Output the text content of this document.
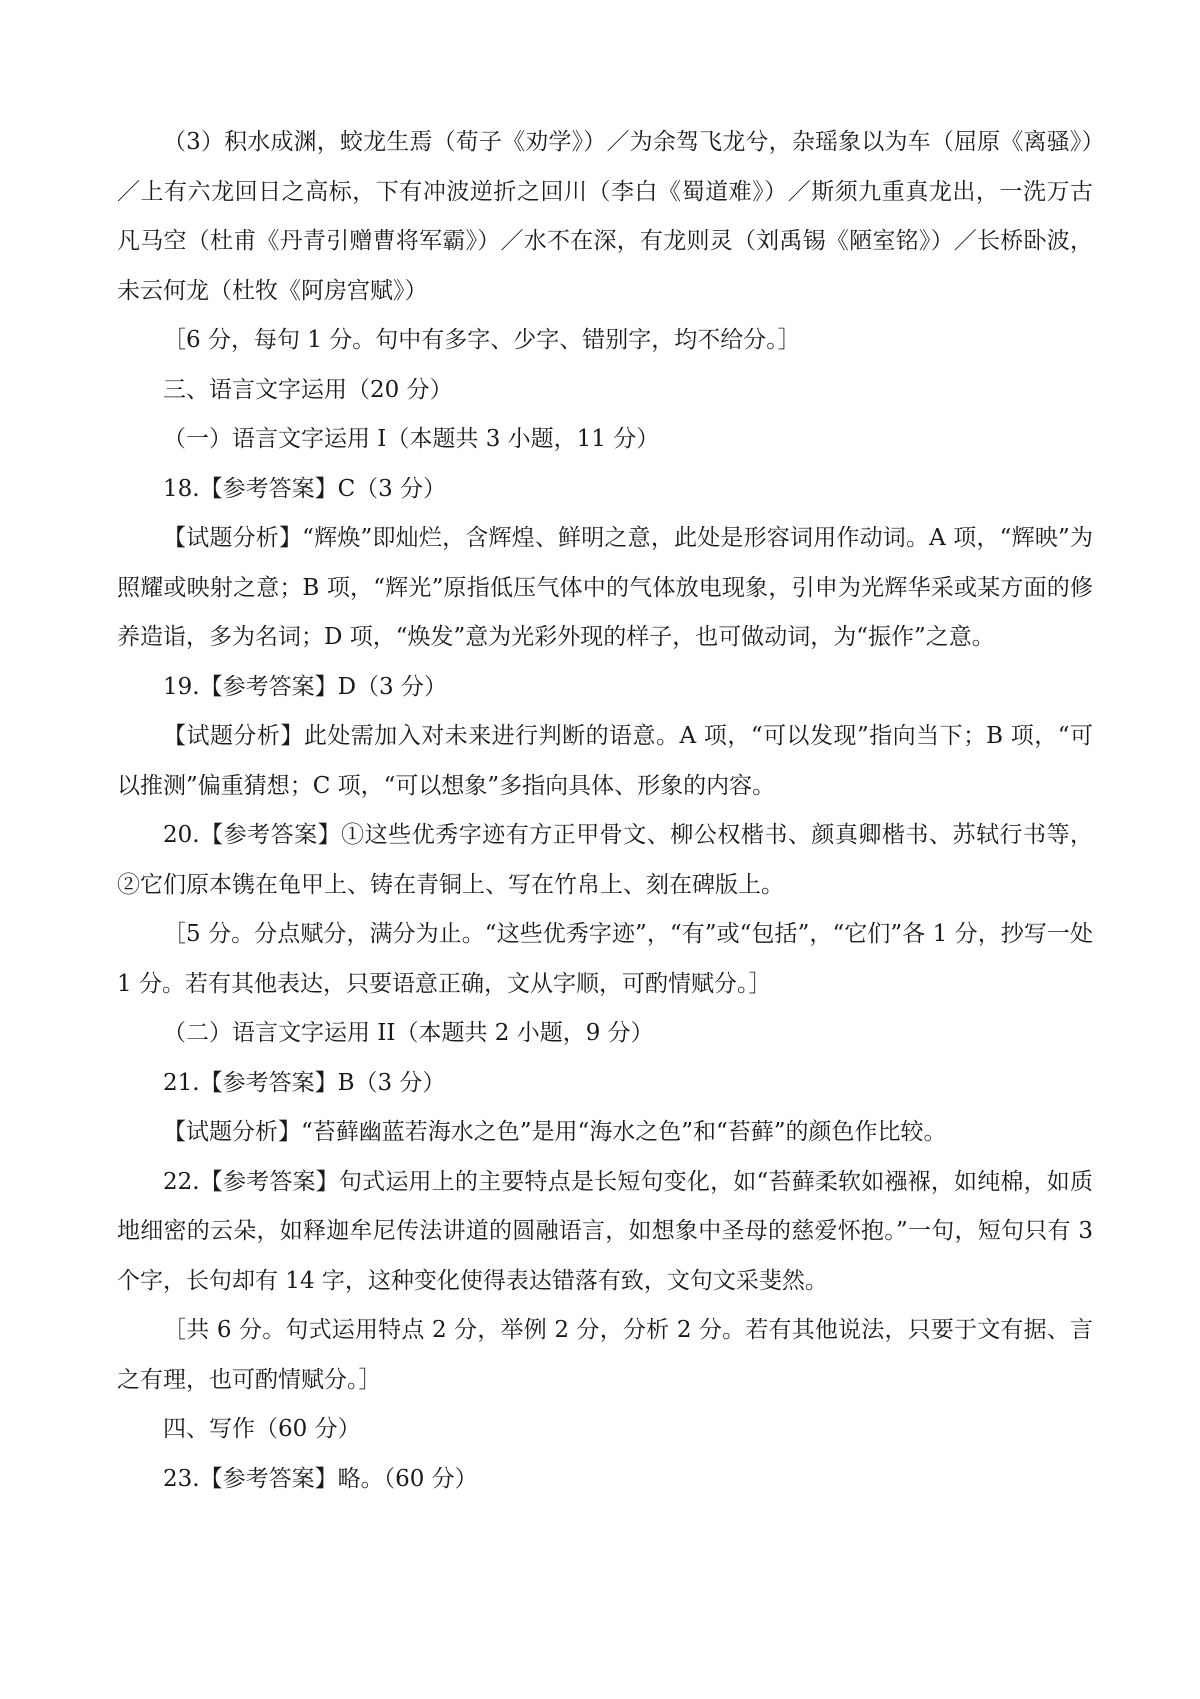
（3）积水成渊，蛟龙生焉（荀子《劝学》）／为余驾飞龙兮，杂瑶象以为车（屈原《离骚》）／上有六龙回日之高标，下有冲波逆折之回川（李白《蜀道难》）／斯须九重真龙出，一洗万古凡马空（杜甫《丹青引赠曹将军霸》）／水不在深，有龙则灵（刘禹锡《陋室铭》）／长桥卧波，未云何龙（杜牧《阿房宫赋》）

［6 分，每句 1 分。句中有多字、少字、错别字，均不给分。］

三、语言文字运用（20 分）

（一）语言文字运用 I（本题共 3 小题，11 分）

18.【参考答案】C（3 分）

【试题分析】“辉焕”即灿烂，含辉煌、鲜明之意，此处是形容词用作动词。A 项，“辉映”为照耀或映射之意；B 项，“辉光”原指低压气体中的气体放电现象，引申为光辉华采或某方面的修养造诣，多为名词；D 项，“焕发”意为光彩外现的样子，也可做动词，为“振作”之意。

19.【参考答案】D（3 分）

【试题分析】此处需加入对未来进行判断的语意。A 项，“可以发现”指向当下；B 项，“可以推测”偏重猜想；C 项，“可以想象”多指向具体、形象的内容。

20.【参考答案】①这些优秀字迹有方正甲骨文、柳公权楷书、颜真卿楷书、苏轼行书等，②它们原本镌在龟甲上、铸在青铜上、写在竹帛上、刻在碑版上。

［5 分。分点赋分，满分为止。“这些优秀字迹”，“有”或“包括”，“它们”各 1 分，抄写一处 1 分。若有其他表达，只要语意正确，文从字顺，可酌情赋分。］

（二）语言文字运用 II（本题共 2 小题，9 分）

21.【参考答案】B（3 分）

【试题分析】“苔藓幽蓝若海水之色”是用“海水之色”和“苔藓”的颜色作比较。

22.【参考答案】句式运用上的主要特点是长短句变化，如“苔藓柔软如襁褓，如纯棉，如质地细密的云朵，如释迦牟尼传法讲道的圆融语言，如想象中圣母的慈爱怀抱。”一句，短句只有 3 个字，长句却有 14 字，这种变化使得表达错落有致，文句文采斐然。

［共 6 分。句式运用特点 2 分，举例 2 分，分析 2 分。若有其他说法，只要于文有据、言之有理，也可酌情赋分。］

四、写作（60 分）

23.【参考答案】略。（60 分）
